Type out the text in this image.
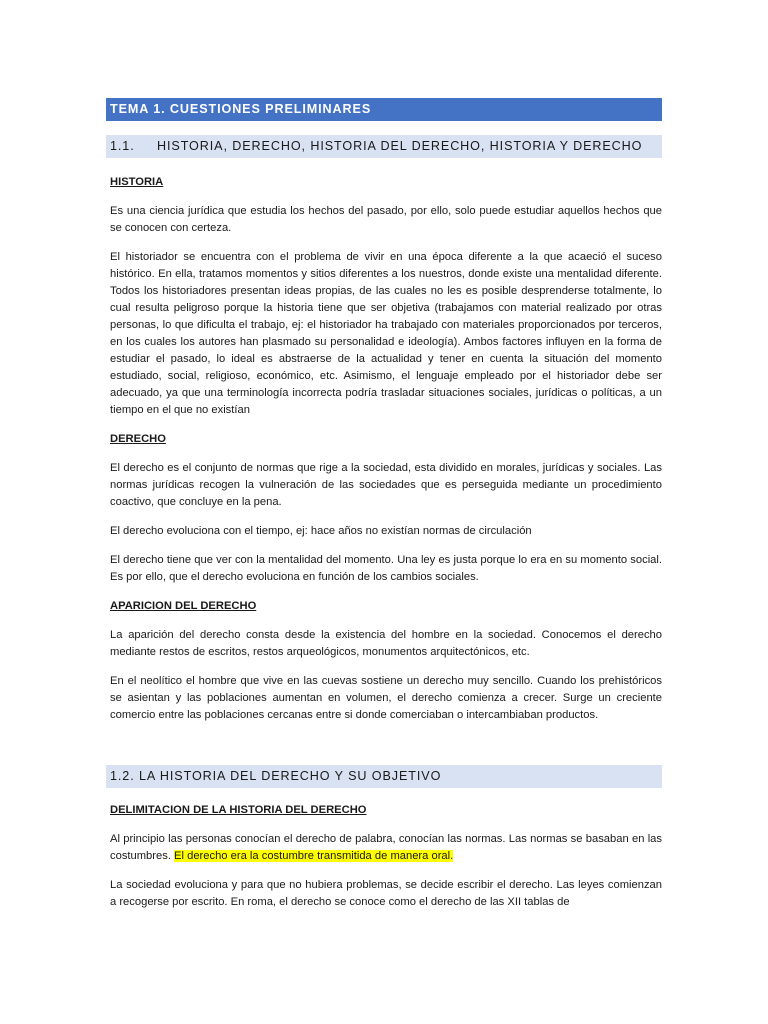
TEMA 1. CUESTIONES PRELIMINARES
1.1. HISTORIA, DERECHO, HISTORIA DEL DERECHO, HISTORIA Y DERECHO
HISTORIA

Es una ciencia jurídica que estudia los hechos del pasado, por ello, solo puede estudiar aquellos hechos que se conocen con certeza.

El historiador se encuentra con el problema de vivir en una época diferente a la que acaeció el suceso histórico. En ella, tratamos momentos y sitios diferentes a los nuestros, donde existe una mentalidad diferente. Todos los historiadores presentan ideas propias, de las cuales no les es posible desprenderse totalmente, lo cual resulta peligroso porque la historia tiene que ser objetiva (trabajamos con material realizado por otras personas, lo que dificulta el trabajo, ej: el historiador ha trabajado con materiales proporcionados por terceros, en los cuales los autores han plasmado su personalidad e ideología). Ambos factores influyen en la forma de estudiar el pasado, lo ideal es abstraerse de la actualidad y tener en cuenta la situación del momento estudiado, social, religioso, económico, etc. Asimismo, el lenguaje empleado por el historiador debe ser adecuado, ya que una terminología incorrecta podría trasladar situaciones sociales, jurídicas o políticas, a un tiempo en el que no existían

DERECHO

El derecho es el conjunto de normas que rige a la sociedad, esta dividido en morales, jurídicas y sociales. Las normas jurídicas recogen la vulneración de las sociedades que es perseguida mediante un procedimiento coactivo, que concluye en la pena.

El derecho evoluciona con el tiempo, ej: hace años no existían normas de circulación

El derecho tiene que ver con la mentalidad del momento. Una ley es justa porque lo era en su momento social. Es por ello, que el derecho evoluciona en función de los cambios sociales.

APARICION DEL DERECHO

La aparición del derecho consta desde la existencia del hombre en la sociedad. Conocemos el derecho mediante restos de escritos, restos arqueológicos, monumentos arquitectónicos, etc.

En el neolítico el hombre que vive en las cuevas sostiene un derecho muy sencillo. Cuando los prehistóricos se asientan y las poblaciones aumentan en volumen, el derecho comienza a crecer. Surge un creciente comercio entre las poblaciones cercanas entre si donde comerciaban o intercambiaban productos.

1.2. LA HISTORIA DEL DERECHO Y SU OBJETIVO
DELIMITACION DE LA HISTORIA DEL DERECHO

Al principio las personas conocían el derecho de palabra, conocían las normas. Las normas se basaban en las costumbres. El derecho era la costumbre transmitida de manera oral.

La sociedad evoluciona y para que no hubiera problemas, se decide escribir el derecho. Las leyes comienzan a recogerse por escrito. En roma, el derecho se conoce como el derecho de las XII tablas de
